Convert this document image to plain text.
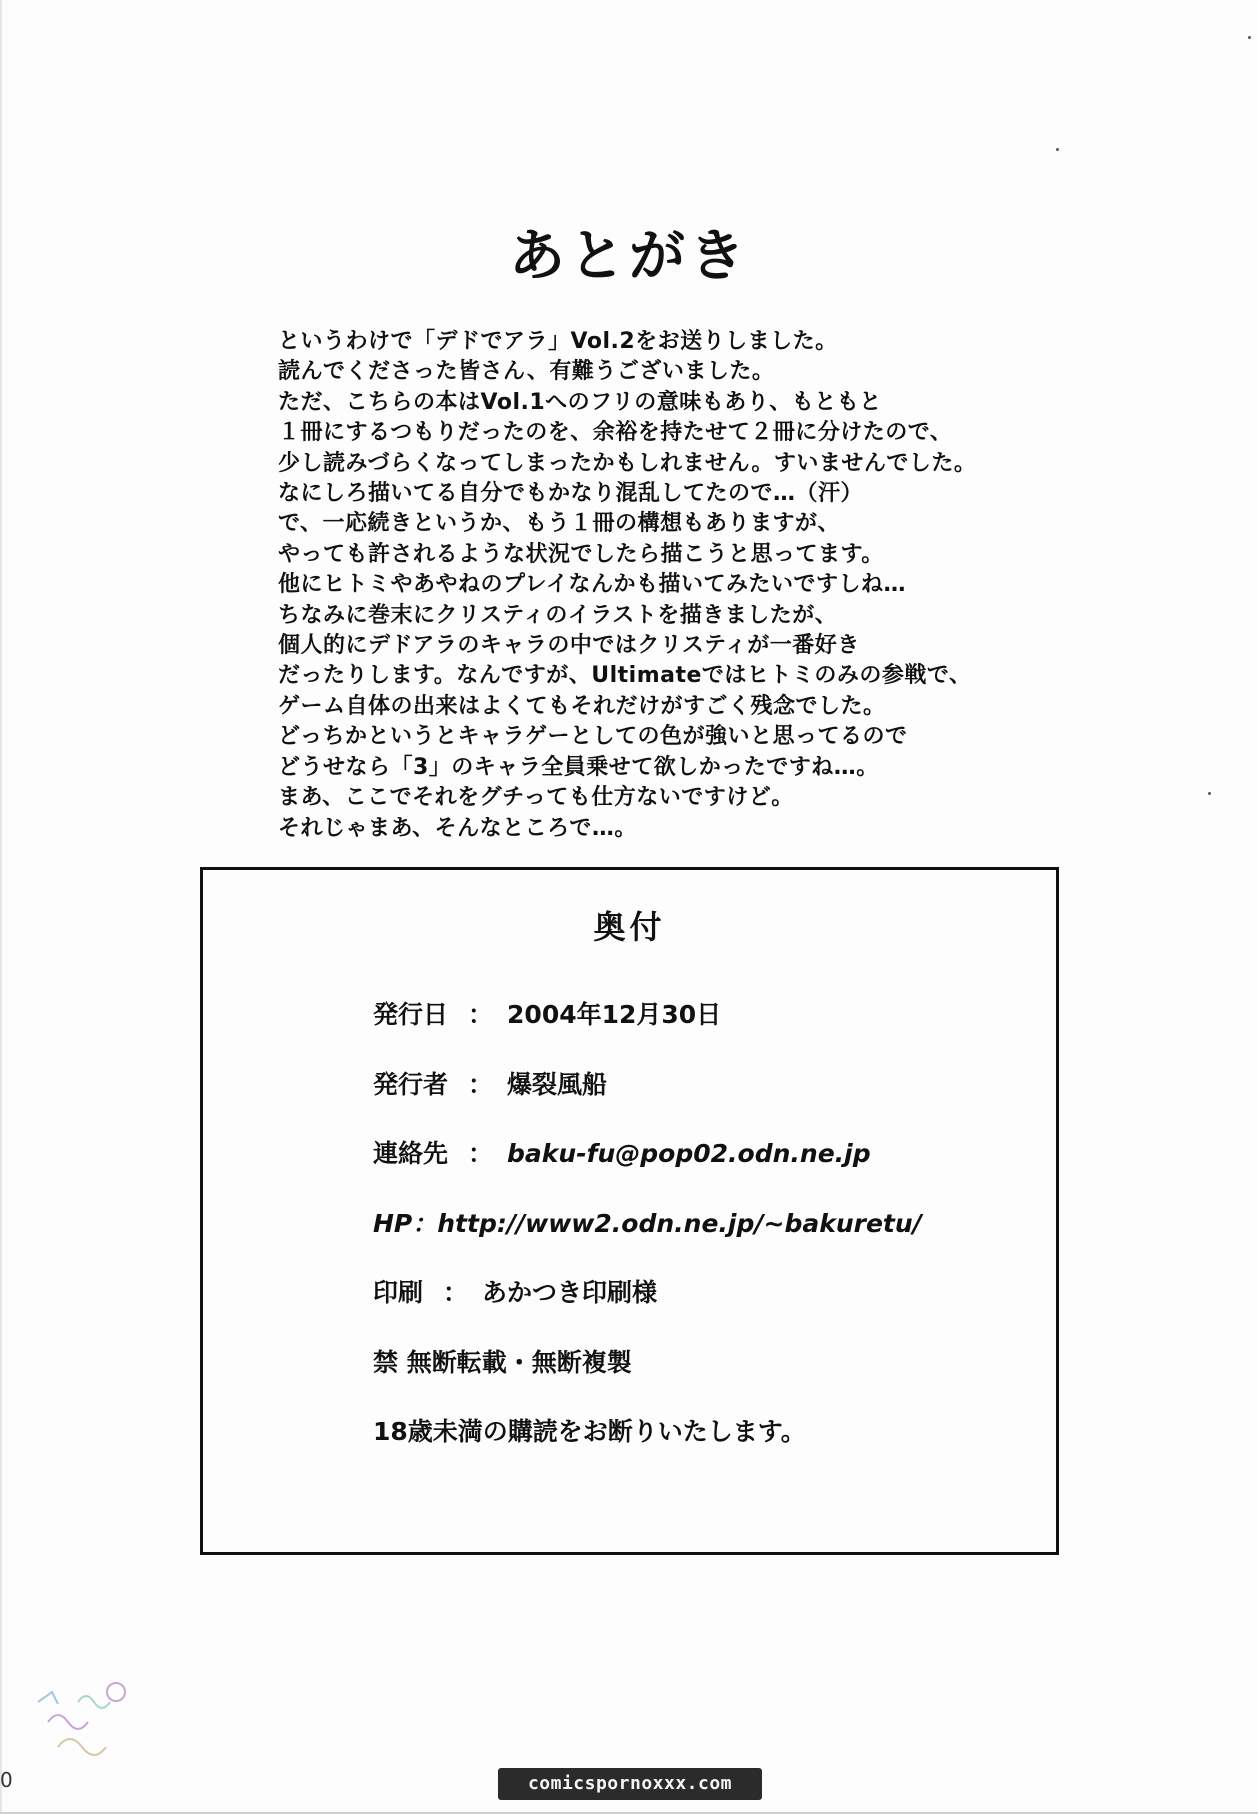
あとがき
というわけで「デドでアラ」Vol.2をお送りしました。
読んでくださった皆さん、有難うございました。
ただ、こちらの本はVol.1へのフリの意味もあり、もともと
１冊にするつもりだったのを、余裕を持たせて２冊に分けたので、
少し読みづらくなってしまったかもしれません。すいませんでした。
なにしろ描いてる自分でもかなり混乱してたので…（汗）
で、一応続きというか、もう１冊の構想もありますが、
やっても許されるような状況でしたら描こうと思ってます。
他にヒトミやあやねのプレイなんかも描いてみたいですしね…
ちなみに巻末にクリスティのイラストを描きましたが、
個人的にデドアラのキャラの中ではクリスティが一番好き
だったりします。なんですが、Ultimateではヒトミのみの参戦で、
ゲーム自体の出来はよくてもそれだけがすごく残念でした。
どっちかというとキャラゲーとしての色が強いと思ってるので
どうせなら「3」のキャラ全員乗せて欲しかったですね…。
まあ、ここでそれをグチっても仕方ないですけど。
それじゃまあ、そんなところで…。
奥付
発行日 ： 2004年12月30日
発行者 ： 爆裂風船
連絡先 ： baku-fu@pop02.odn.ne.jp
HP：http://www2.odn.ne.jp/~bakuretu/
印刷 ： あかつき印刷様
禁 無断転載・無断複製
18歳未満の購読をお断りいたします。
0	comicspornoxxx.com
